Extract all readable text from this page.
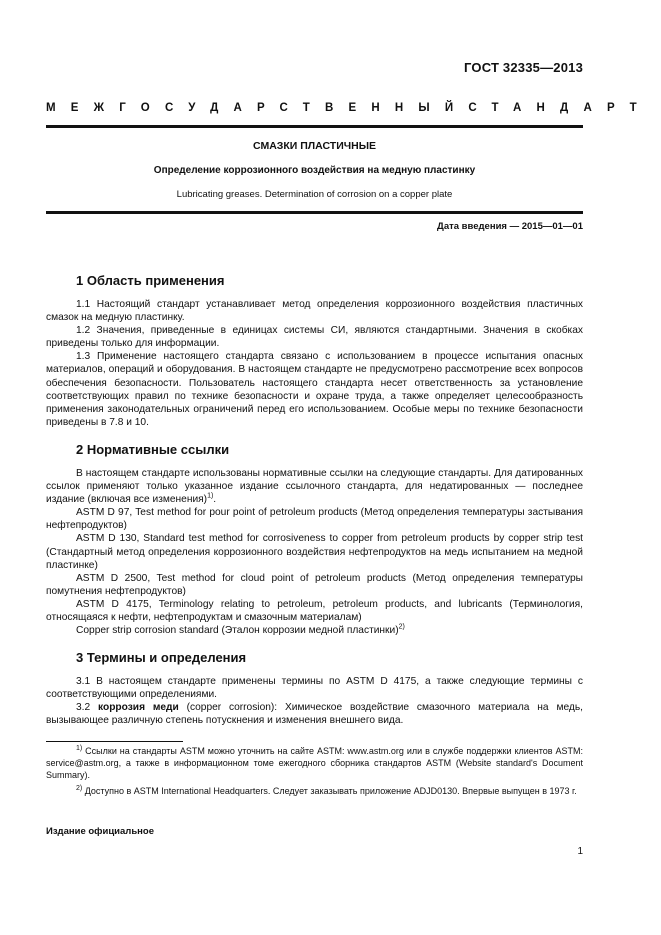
ГОСТ 32335—2013
МЕЖГОСУДАРСТВЕННЫЙ СТАНДАРТ
СМАЗКИ ПЛАСТИЧНЫЕ
Определение коррозионного воздействия на медную пластинку
Lubricating greases. Determination of corrosion on a copper plate
Дата введения — 2015—01—01
1 Область применения

1.1 Настоящий стандарт устанавливает метод определения коррозионного воздействия пластичных смазок на медную пластинку.

1.2 Значения, приведенные в единицах системы СИ, являются стандартными. Значения в скобках приведены только для информации.

1.3 Применение настоящего стандарта связано с использованием в процессе испытания опасных материалов, операций и оборудования. В настоящем стандарте не предусмотрено рассмотрение всех вопросов обеспечения безопасности. Пользователь настоящего стандарта несет ответственность за установление соответствующих правил по технике безопасности и охране труда, а также определяет целесообразность применения законодательных ограничений перед его использованием. Особые меры по технике безопасности приведены в 7.8 и 10.

2 Нормативные ссылки

В настоящем стандарте использованы нормативные ссылки на следующие стандарты. Для датированных ссылок применяют только указанное издание ссылочного стандарта, для недатированных — последнее издание (включая все изменения)$^{1)}$.

ASTM D 97, Test method for pour point of petroleum products (Метод определения температуры застывания нефтепродуктов)

ASTM D 130, Standard test method for corrosiveness to copper from petroleum products by copper strip test (Стандартный метод определения коррозионного воздействия нефтепродуктов на медь испытанием на медной пластинке)

ASTM D 2500, Test method for cloud point of petroleum products (Метод определения температуры помутнения нефтепродуктов)

ASTM D 4175, Terminology relating to petroleum, petroleum products, and lubricants (Терминология, относящаяся к нефти, нефтепродуктам и смазочным материалам)

Copper strip corrosion standard (Эталон коррозии медной пластинки)$^{2)}$

3 Термины и определения

3.1 В настоящем стандарте применены термины по ASTM D 4175, а также следующие термины с соответствующими определениями.

3.2 коррозия меди (copper corrosion): Химическое воздействие смазочного материала на медь, вызывающее различную степень потускнения и изменения внешнего вида.

$^{1)}$ Ссылки на стандарты ASTM можно уточнить на сайте ASTM: www.astm.org или в службе поддержки клиентов ASTM: service@astm.org, а также в информационном томе ежегодного сборника стандартов ASTM (Website standard's Document Summary).

$^{2)}$ Доступно в ASTM International Headquarters. Следует заказывать приложение ADJD0130. Впервые выпущен в 1973 г.

Издание официальное
1
